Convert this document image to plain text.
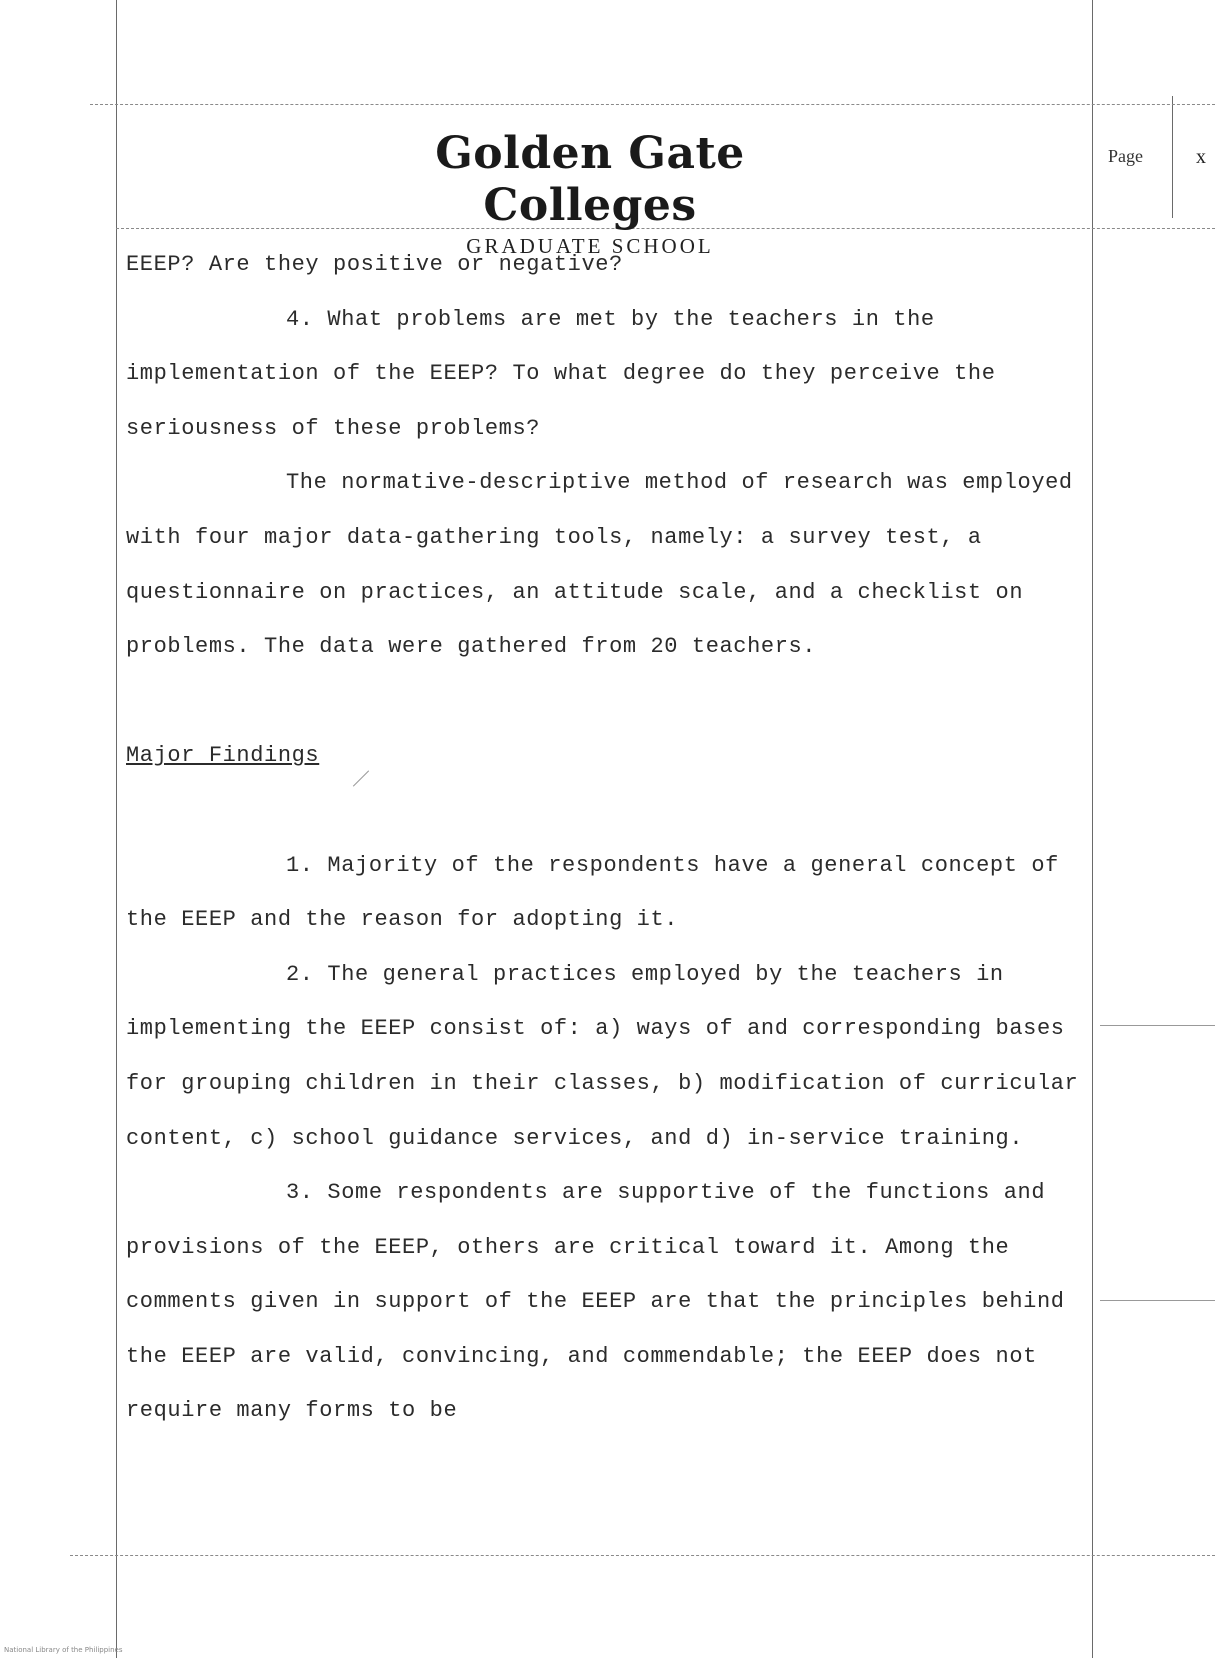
Golden Gate Colleges
GRADUATE SCHOOL
Page	x

EEEP? Are they positive or negative?

4. What problems are met by the teachers in the implementation of the EEEP? To what degree do they perceive the seriousness of these problems?

The normative-descriptive method of research was employed with four major data-gathering tools, namely: a survey test, a questionnaire on practices, an attitude scale, and a checklist on problems. The data were gathered from 20 teachers.

Major Findings

1. Majority of the respondents have a general concept of the EEEP and the reason for adopting it.

2. The general practices employed by the teachers in implementing the EEEP consist of: a) ways of and corresponding bases for grouping children in their classes, b) modification of curricular content, c) school guidance services, and d) in-service training.

3. Some respondents are supportive of the functions and provisions of the EEEP, others are critical toward it. Among the comments given in support of the EEEP are that the principles behind the EEEP are valid, convincing, and commendable; the EEEP does not require many forms to be

National Library of the Philippines
